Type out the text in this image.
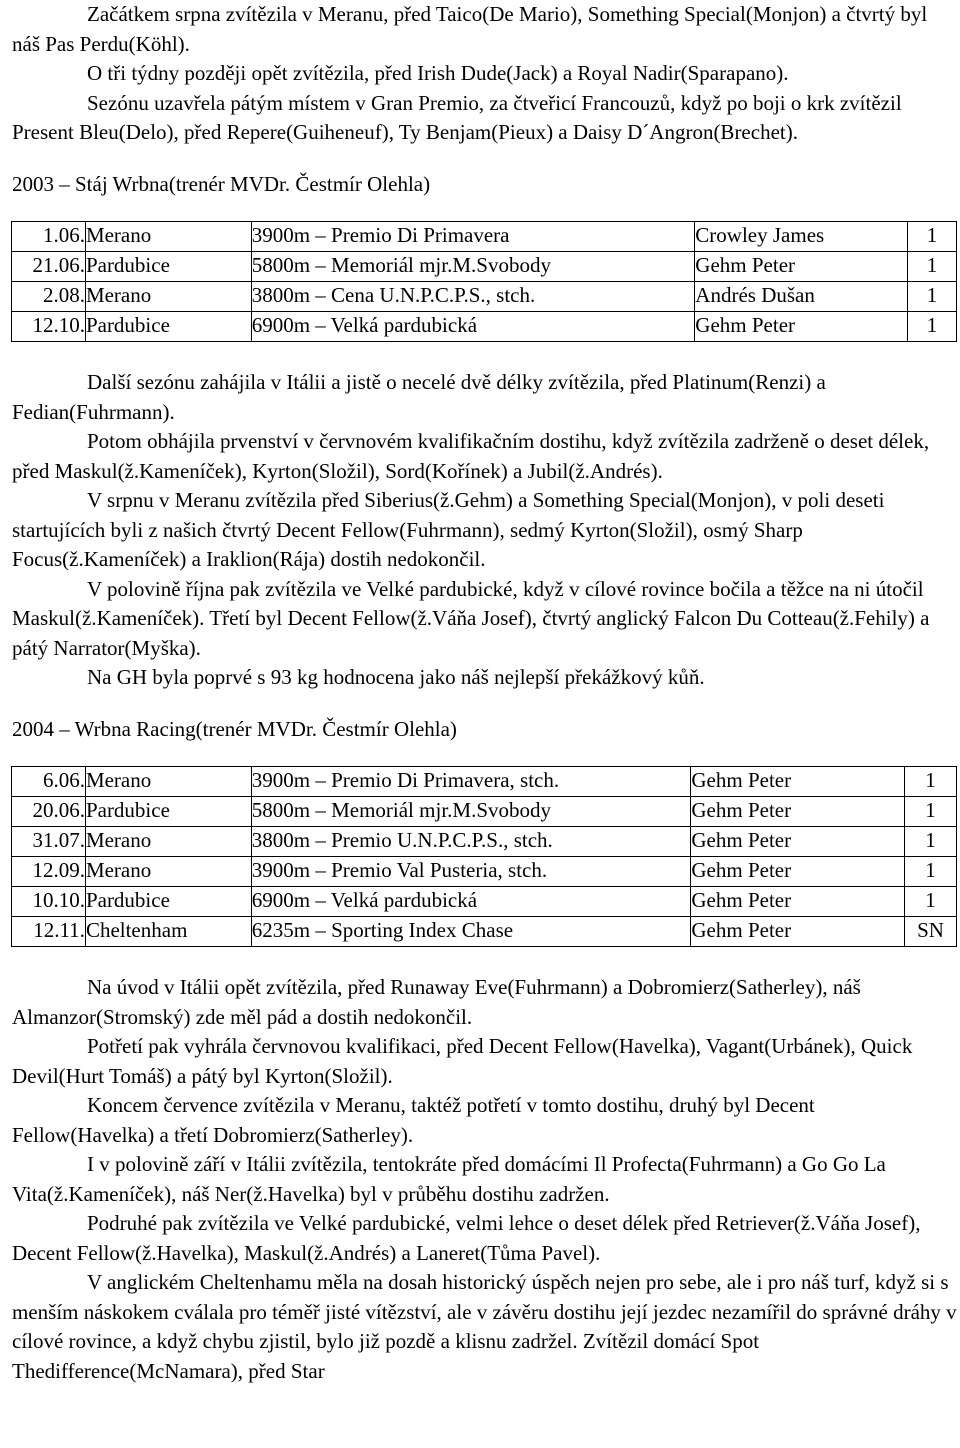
Začátkem srpna zvítězila v Meranu, před Taico(De Mario), Something Special(Monjon) a čtvrtý byl náš Pas Perdu(Köhl).

O tři týdny později opět zvítězila, před Irish Dude(Jack) a Royal Nadir(Sparapano).

Sezónu uzavřela pátým místem v Gran Premio, za čtveřicí Francouzů, když po boji o krk zvítězil Present Bleu(Delo), před Repere(Guiheneuf), Ty Benjam(Pieux) a Daisy D´Angron(Brechet).

2003 – Stáj Wrbna(trenér MVDr. Čestmír Olehla)

1.06.	Merano	3900m – Premio Di Primavera	Crowley James	1
21.06.	Pardubice	5800m – Memoriál mjr.M.Svobody	Gehm Peter	1
2.08.	Merano	3800m – Cena U.N.P.C.P.S., stch.	Andrés Dušan	1
12.10.	Pardubice	6900m – Velká pardubická	Gehm Peter	1

Další sezónu zahájila v Itálii a jistě o necelé dvě délky zvítězila, před Platinum(Renzi) a Fedian(Fuhrmann).

Potom obhájila prvenství v červnovém kvalifikačním dostihu, když zvítězila zadrženě o deset délek, před Maskul(ž.Kameníček), Kyrton(Složil), Sord(Kořínek) a Jubil(ž.Andrés).

V srpnu v Meranu zvítězila před Siberius(ž.Gehm) a Something Special(Monjon), v poli deseti startujících byli z našich čtvrtý Decent Fellow(Fuhrmann), sedmý Kyrton(Složil), osmý Sharp Focus(ž.Kameníček) a Iraklion(Rája) dostih nedokončil.

V polovině října pak zvítězila ve Velké pardubické, když v cílové rovince bočila a těžce na ni útočil Maskul(ž.Kameníček). Třetí byl Decent Fellow(ž.Váňa Josef), čtvrtý anglický Falcon Du Cotteau(ž.Fehily) a pátý Narrator(Myška).

Na GH byla poprvé s 93 kg hodnocena jako náš nejlepší překážkový kůň.

2004 – Wrbna Racing(trenér MVDr. Čestmír Olehla)

6.06.	Merano	3900m – Premio Di Primavera, stch.	Gehm Peter	1
20.06.	Pardubice	5800m – Memoriál mjr.M.Svobody	Gehm Peter	1
31.07.	Merano	3800m – Premio U.N.P.C.P.S., stch.	Gehm Peter	1
12.09.	Merano	3900m – Premio Val Pusteria, stch.	Gehm Peter	1
10.10.	Pardubice	6900m – Velká pardubická	Gehm Peter	1
12.11.	Cheltenham	6235m – Sporting Index Chase	Gehm Peter	SN

Na úvod v Itálii opět zvítězila, před Runaway Eve(Fuhrmann) a Dobromierz(Satherley), náš Almanzor(Stromský) zde měl pád a dostih nedokončil.

Potřetí pak vyhrála červnovou kvalifikaci, před Decent Fellow(Havelka), Vagant(Urbánek), Quick Devil(Hurt Tomáš) a pátý byl Kyrton(Složil).

Koncem července zvítězila v Meranu, taktéž potřetí v tomto dostihu, druhý byl Decent Fellow(Havelka) a třetí Dobromierz(Satherley).

I v polovině září v Itálii zvítězila, tentokráte před domácími Il Profecta(Fuhrmann) a Go Go La Vita(ž.Kameníček), náš Ner(ž.Havelka) byl v průběhu dostihu zadržen.

Podruhé pak zvítězila ve Velké pardubické, velmi lehce o deset délek před Retriever(ž.Váňa Josef), Decent Fellow(ž.Havelka), Maskul(ž.Andrés) a Laneret(Tůma Pavel).

V anglickém Cheltenhamu měla na dosah historický úspěch nejen pro sebe, ale i pro náš turf, když si s menším náskokem cválala pro téměř jisté vítězství, ale v závěru dostihu její jezdec nezamířil do správné dráhy v cílové rovince, a když chybu zjistil, bylo již pozdě a klisnu zadržel. Zvítězil domácí Spot Thedifference(McNamara), před Star
